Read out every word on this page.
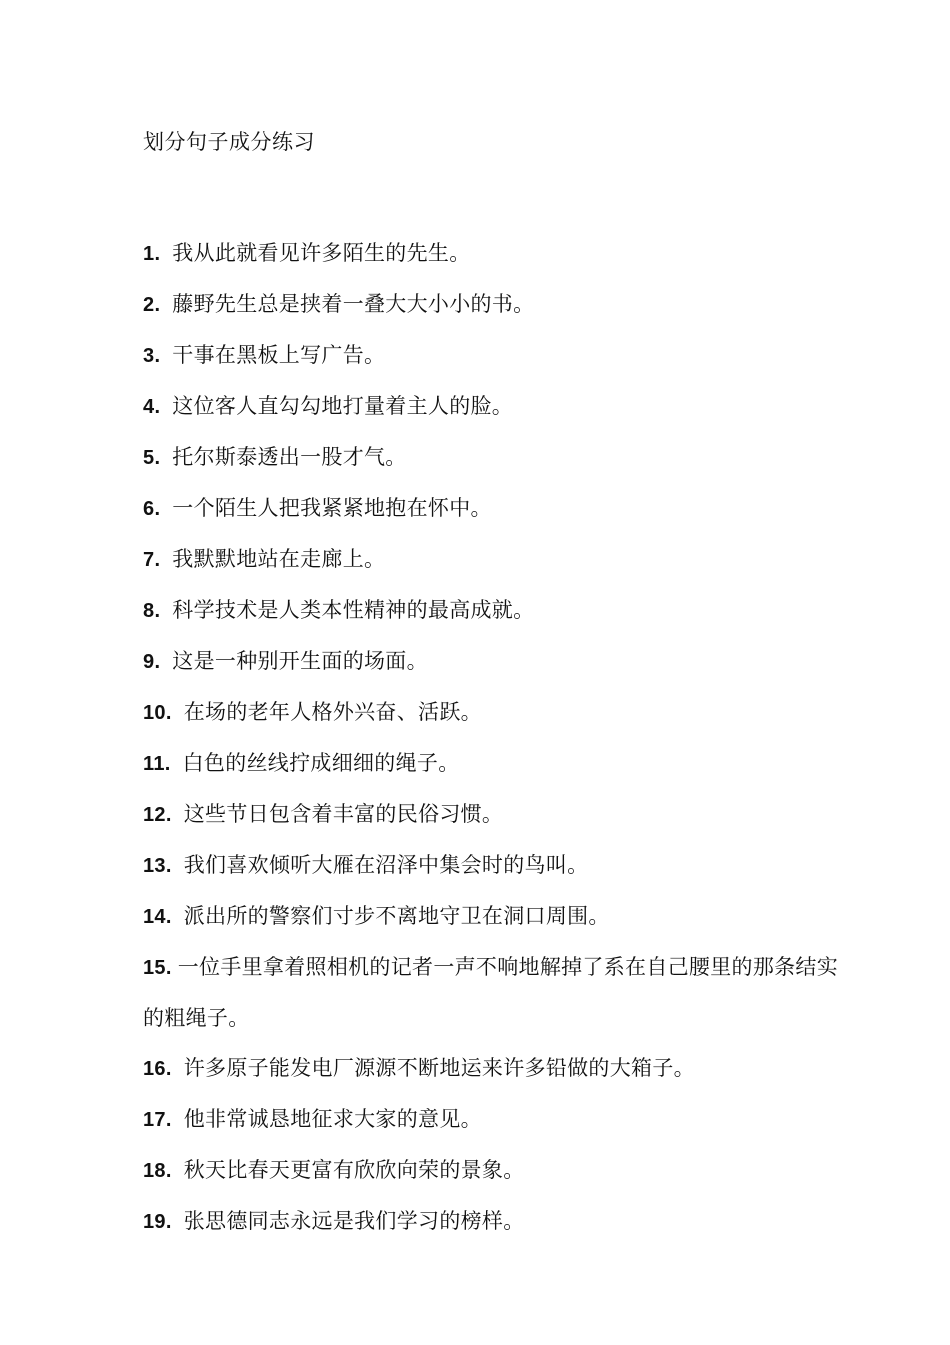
划分句子成分练习
1. 我从此就看见许多陌生的先生。
2. 藤野先生总是挟着一叠大大小小的书。
3. 干事在黑板上写广告。
4. 这位客人直勾勾地打量着主人的脸。
5. 托尔斯泰透出一股才气。
6. 一个陌生人把我紧紧地抱在怀中。
7. 我默默地站在走廊上。
8. 科学技术是人类本性精神的最高成就。
9. 这是一种别开生面的场面。
10. 在场的老年人格外兴奋、活跃。
11. 白色的丝线拧成细细的绳子。
12. 这些节日包含着丰富的民俗习惯。
13. 我们喜欢倾听大雁在沼泽中集会时的鸟叫。
14. 派出所的警察们寸步不离地守卫在洞口周围。
15. 一位手里拿着照相机的记者一声不响地解掉了系在自己腰里的那条结实的粗绳子。
16. 许多原子能发电厂源源不断地运来许多铅做的大箱子。
17. 他非常诚恳地征求大家的意见。
18. 秋天比春天更富有欣欣向荣的景象。
19. 张思德同志永远是我们学习的榜样。
